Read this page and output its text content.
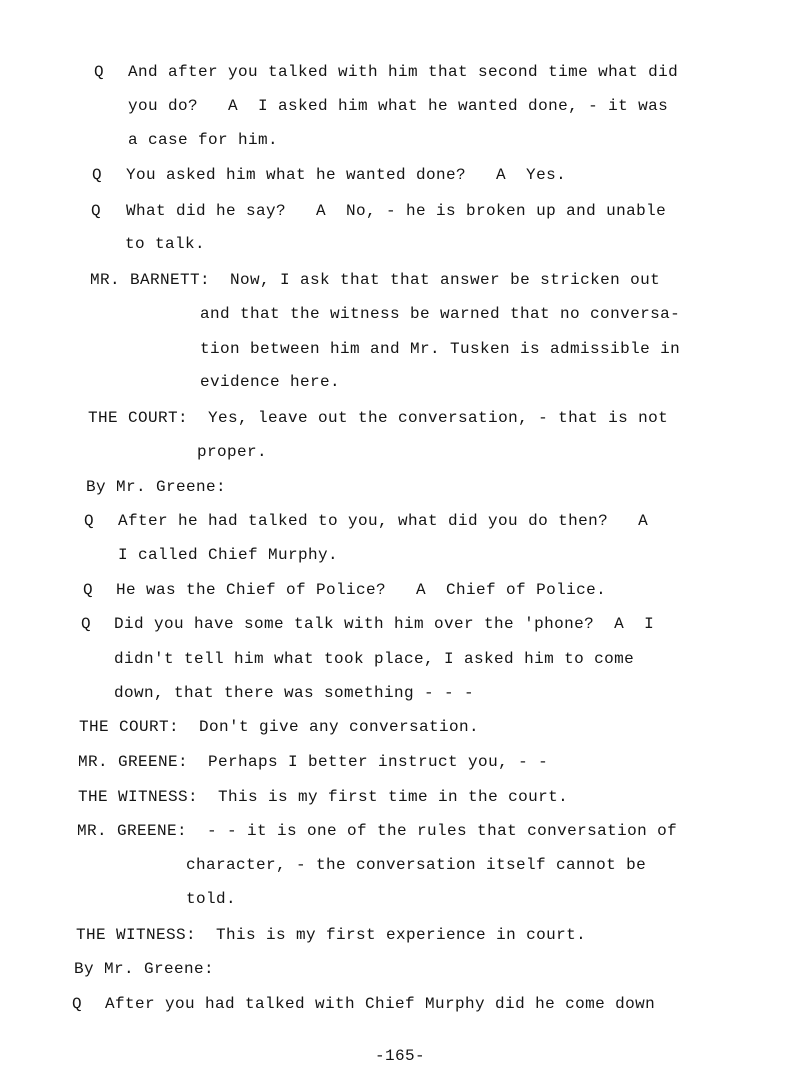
Q And after you talked with him that second time what did
you do?   A  I asked him what he wanted done, - it was
a case for him.
Q You asked him what he wanted done?   A  Yes.
Q What did he say?   A  No, - he is broken up and unable
to talk.
MR. BARNETT:  Now, I ask that that answer be stricken out
and that the witness be warned that no conversa-
tion between him and Mr. Tusken is admissible in
evidence here.
THE COURT:  Yes, leave out the conversation, - that is not
proper.
By Mr. Greene:
Q After he had talked to you, what did you do then?   A
I called Chief Murphy.
Q He was the Chief of Police?   A  Chief of Police.
Q Did you have some talk with him over the 'phone?  A  I
didn't tell him what took place, I asked him to come
down, that there was something - - -
THE COURT:  Don't give any conversation.
MR. GREENE:  Perhaps I better instruct you, - -
THE WITNESS:  This is my first time in the court.
MR. GREENE:  - - it is one of the rules that conversation of
character, - the conversation itself cannot be
told.
THE WITNESS:  This is my first experience in court.
By Mr. Greene:
Q After you had talked with Chief Murphy did he come down
-165-
